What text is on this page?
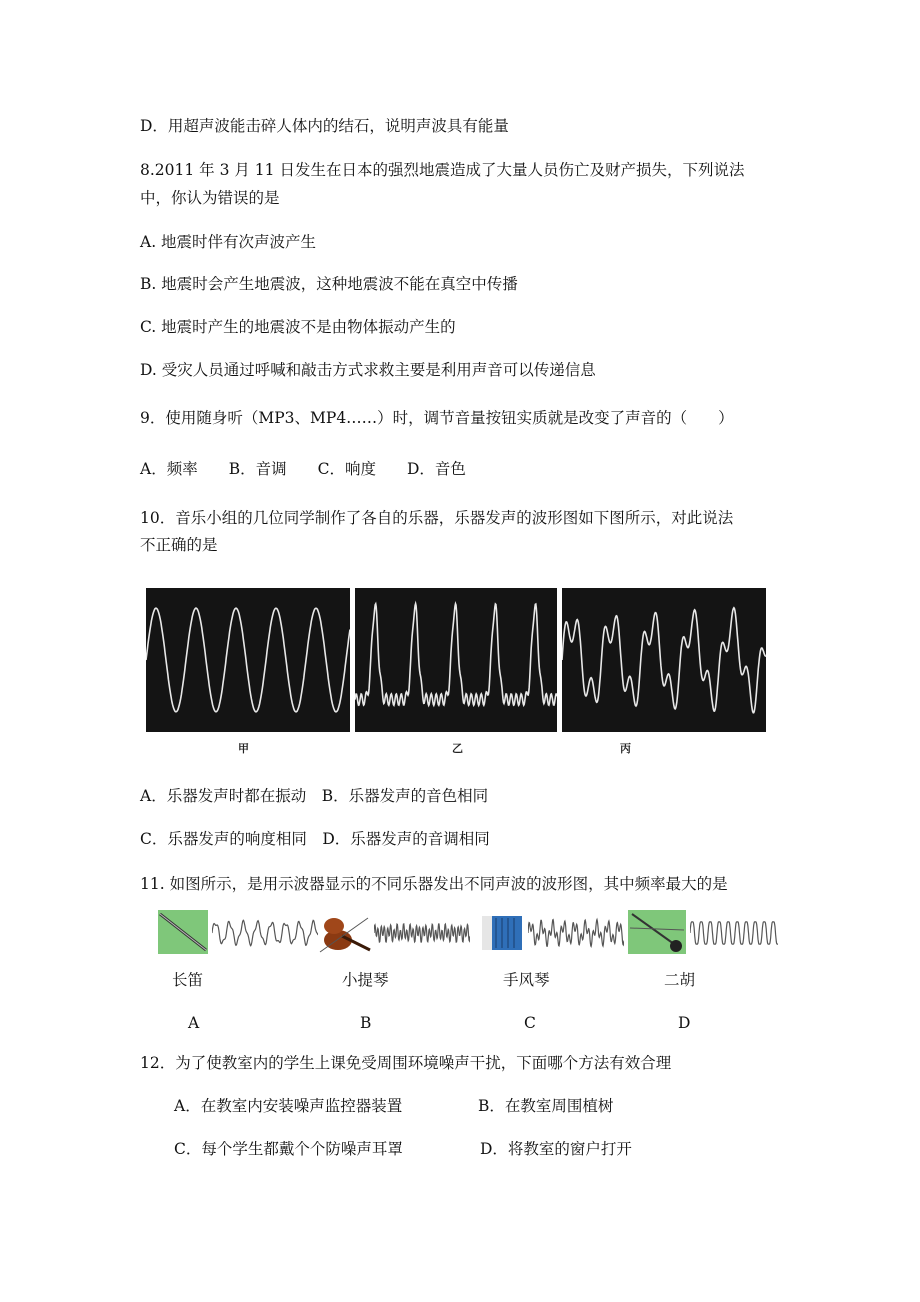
D．用超声波能击碎人体内的结石，说明声波具有能量
8.2011 年 3 月 11 日发生在日本的强烈地震造成了大量人员伤亡及财产损失，下列说法
中，你认为错误的是
A. 地震时伴有次声波产生
B. 地震时会产生地震波，这种地震波不能在真空中传播
C. 地震时产生的地震波不是由物体振动产生的
D. 受灾人员通过呼喊和敲击方式求救主要是利用声音可以传递信息
9．使用随身听（MP3、MP4……）时，调节音量按钮实质就是改变了声音的（　　）
A．频率　　B．音调　　C．响度　　D．音色
10．音乐小组的几位同学制作了各自的乐器，乐器发声的波形图如下图所示，对此说法
不正确的是
甲	乙	丙
A．乐器发声时都在振动　B．乐器发声的音色相同
C．乐器发声的响度相同　D．乐器发声的音调相同
11. 如图所示，是用示波器显示的不同乐器发出不同声波的波形图，其中频率最大的是
长笛	小提琴	手风琴	二胡
A	B	C	D
12．为了使教室内的学生上课免受周围环境噪声干扰，下面哪个方法有效合理
A．在教室内安装噪声监控器装置	B．在教室周围植树
C．每个学生都戴个个防噪声耳罩	D．将教室的窗户打开
